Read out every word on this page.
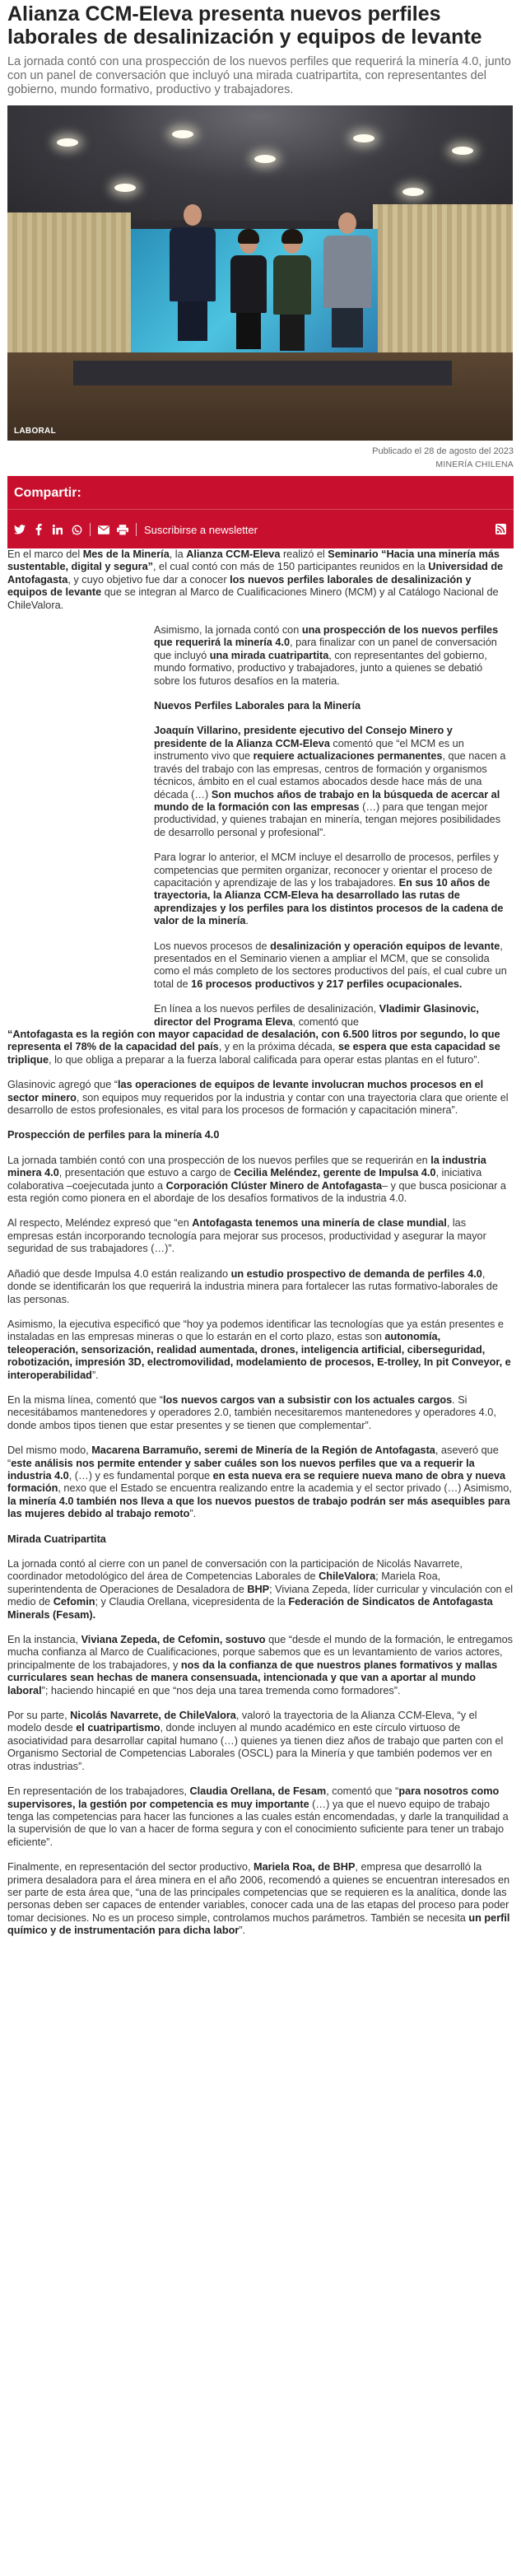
Alianza CCM-Eleva presenta nuevos perfiles laborales de desalinización y equipos de levante

La jornada contó con una prospección de los nuevos perfiles que requerirá la minería 4.0, junto con un panel de conversación que incluyó una mirada cuatripartita, con representantes del gobierno, mundo formativo, productivo y trabajadores.

LABORAL
Publicado el 28 de agosto del 2023
MINERÍA CHILENA
Compartir:
Suscribirse a newsletter

En el marco del Mes de la Minería, la Alianza CCM-Eleva realizó el Seminario “Hacia una minería más sustentable, digital y segura”, el cual contó con más de 150 participantes reunidos en la Universidad de Antofagasta, y cuyo objetivo fue dar a conocer los nuevos perfiles laborales de desalinización y equipos de levante que se integran al Marco de Cualificaciones Minero (MCM) y al Catálogo Nacional de ChileValora.

Asimismo, la jornada contó con una prospección de los nuevos perfiles que requerirá la minería 4.0, para finalizar con un panel de conversación que incluyó una mirada cuatripartita, con representantes del gobierno, mundo formativo, productivo y trabajadores, junto a quienes se debatió sobre los futuros desafíos en la materia.

Nuevos Perfiles Laborales para la Minería

Joaquín Villarino, presidente ejecutivo del Consejo Minero y presidente de la Alianza CCM-Eleva comentó que “el MCM es un instrumento vivo que requiere actualizaciones permanentes, que nacen a través del trabajo con las empresas, centros de formación y organismos técnicos, ámbito en el cual estamos abocados desde hace más de una década (…) Son muchos años de trabajo en la búsqueda de acercar al mundo de la formación con las empresas (…) para que tengan mejor productividad, y quienes trabajan en minería, tengan mejores posibilidades de desarrollo personal y profesional”.

Para lograr lo anterior, el MCM incluye el desarrollo de procesos, perfiles y competencias que permiten organizar, reconocer y orientar el proceso de capacitación y aprendizaje de las y los trabajadores. En sus 10 años de trayectoria, la Alianza CCM-Eleva ha desarrollado las rutas de aprendizajes y los perfiles para los distintos procesos de la cadena de valor de la minería.

Los nuevos procesos de desalinización y operación equipos de levante, presentados en el Seminario vienen a ampliar el MCM, que se consolida como el más completo de los sectores productivos del país, el cual cubre un total de 16 procesos productivos y 217 perfiles ocupacionales.

En línea a los nuevos perfiles de desalinización, Vladimir Glasinovic, director del Programa Eleva, comentó que

“Antofagasta es la región con mayor capacidad de desalación, con 6.500 litros por segundo, lo que representa el 78% de la capacidad del país, y en la próxima década, se espera que esta capacidad se triplique, lo que obliga a preparar a la fuerza laboral calificada para operar estas plantas en el futuro”.

Glasinovic agregó que “las operaciones de equipos de levante involucran muchos procesos en el sector minero, son equipos muy requeridos por la industria y contar con una trayectoria clara que oriente el desarrollo de estos profesionales, es vital para los procesos de formación y capacitación minera”.

Prospección de perfiles para la minería 4.0

La jornada también contó con una prospección de los nuevos perfiles que se requerirán en la industria minera 4.0, presentación que estuvo a cargo de Cecilia Meléndez, gerente de Impulsa 4.0, iniciativa colaborativa –coejecutada junto a Corporación Clúster Minero de Antofagasta– y que busca posicionar a esta región como pionera en el abordaje de los desafíos formativos de la industria 4.0.

Al respecto, Meléndez expresó que “en Antofagasta tenemos una minería de clase mundial, las empresas están incorporando tecnología para mejorar sus procesos, productividad y asegurar la mayor seguridad de sus trabajadores (…)”.

Añadió que desde Impulsa 4.0 están realizando un estudio prospectivo de demanda de perfiles 4.0, donde se identificarán los que requerirá la industria minera para fortalecer las rutas formativo-laborales de las personas.

Asimismo, la ejecutiva especificó que “hoy ya podemos identificar las tecnologías que ya están presentes e instaladas en las empresas mineras o que lo estarán en el corto plazo, estas son autonomía, teleoperación, sensorización, realidad aumentada, drones, inteligencia artificial, ciberseguridad, robotización, impresión 3D, electromovilidad, modelamiento de procesos, E-trolley, In pit Conveyor, e interoperabilidad”.

En la misma línea, comentó que “los nuevos cargos van a subsistir con los actuales cargos. Si necesitábamos mantenedores y operadores 2.0, también necesitaremos mantenedores y operadores 4.0, donde ambos tipos tienen que estar presentes y se tienen que complementar”.

Del mismo modo, Macarena Barramuño, seremi de Minería de la Región de Antofagasta, aseveró que “este análisis nos permite entender y saber cuáles son los nuevos perfiles que va a requerir la industria 4.0, (…) y es fundamental porque en esta nueva era se requiere nueva mano de obra y nueva formación, nexo que el Estado se encuentra realizando entre la academia y el sector privado (…) Asimismo, la minería 4.0 también nos lleva a que los nuevos puestos de trabajo podrán ser más asequibles para las mujeres debido al trabajo remoto”.

Mirada Cuatripartita

La jornada contó al cierre con un panel de conversación con la participación de Nicolás Navarrete, coordinador metodológico del área de Competencias Laborales de ChileValora; Mariela Roa, superintendenta de Operaciones de Desaladora de BHP; Viviana Zepeda, líder curricular y vinculación con el medio de Cefomin; y Claudia Orellana, vicepresidenta de la Federación de Sindicatos de Antofagasta Minerals (Fesam).

En la instancia, Viviana Zepeda, de Cefomin, sostuvo que “desde el mundo de la formación, le entregamos mucha confianza al Marco de Cualificaciones, porque sabemos que es un levantamiento de varios actores, principalmente de los trabajadores, y nos da la confianza de que nuestros planes formativos y mallas curriculares sean hechas de manera consensuada, intencionada y que van a aportar al mundo laboral”; haciendo hincapié en que “nos deja una tarea tremenda como formadores”.

Por su parte, Nicolás Navarrete, de ChileValora, valoró la trayectoria de la Alianza CCM-Eleva, “y el modelo desde el cuatripartismo, donde incluyen al mundo académico en este círculo virtuoso de asociatividad para desarrollar capital humano (…) quienes ya tienen diez años de trabajo que parten con el Organismo Sectorial de Competencias Laborales (OSCL) para la Minería y que también podemos ver en otras industrias”.

En representación de los trabajadores, Claudia Orellana, de Fesam, comentó que “para nosotros como supervisores, la gestión por competencia es muy importante (…) ya que el nuevo equipo de trabajo tenga las competencias para hacer las funciones a las cuales están encomendadas, y darle la tranquilidad a la supervisión de que lo van a hacer de forma segura y con el conocimiento suficiente para tener un trabajo eficiente”.

Finalmente, en representación del sector productivo, Mariela Roa, de BHP, empresa que desarrolló la primera desaladora para el área minera en el año 2006, recomendó a quienes se encuentran interesados en ser parte de esta área que, “una de las principales competencias que se requieren es la analítica, donde las personas deben ser capaces de entender variables, conocer cada una de las etapas del proceso para poder tomar decisiones. No es un proceso simple, controlamos muchos parámetros. También se necesita un perfil químico y de instrumentación para dicha labor”.
